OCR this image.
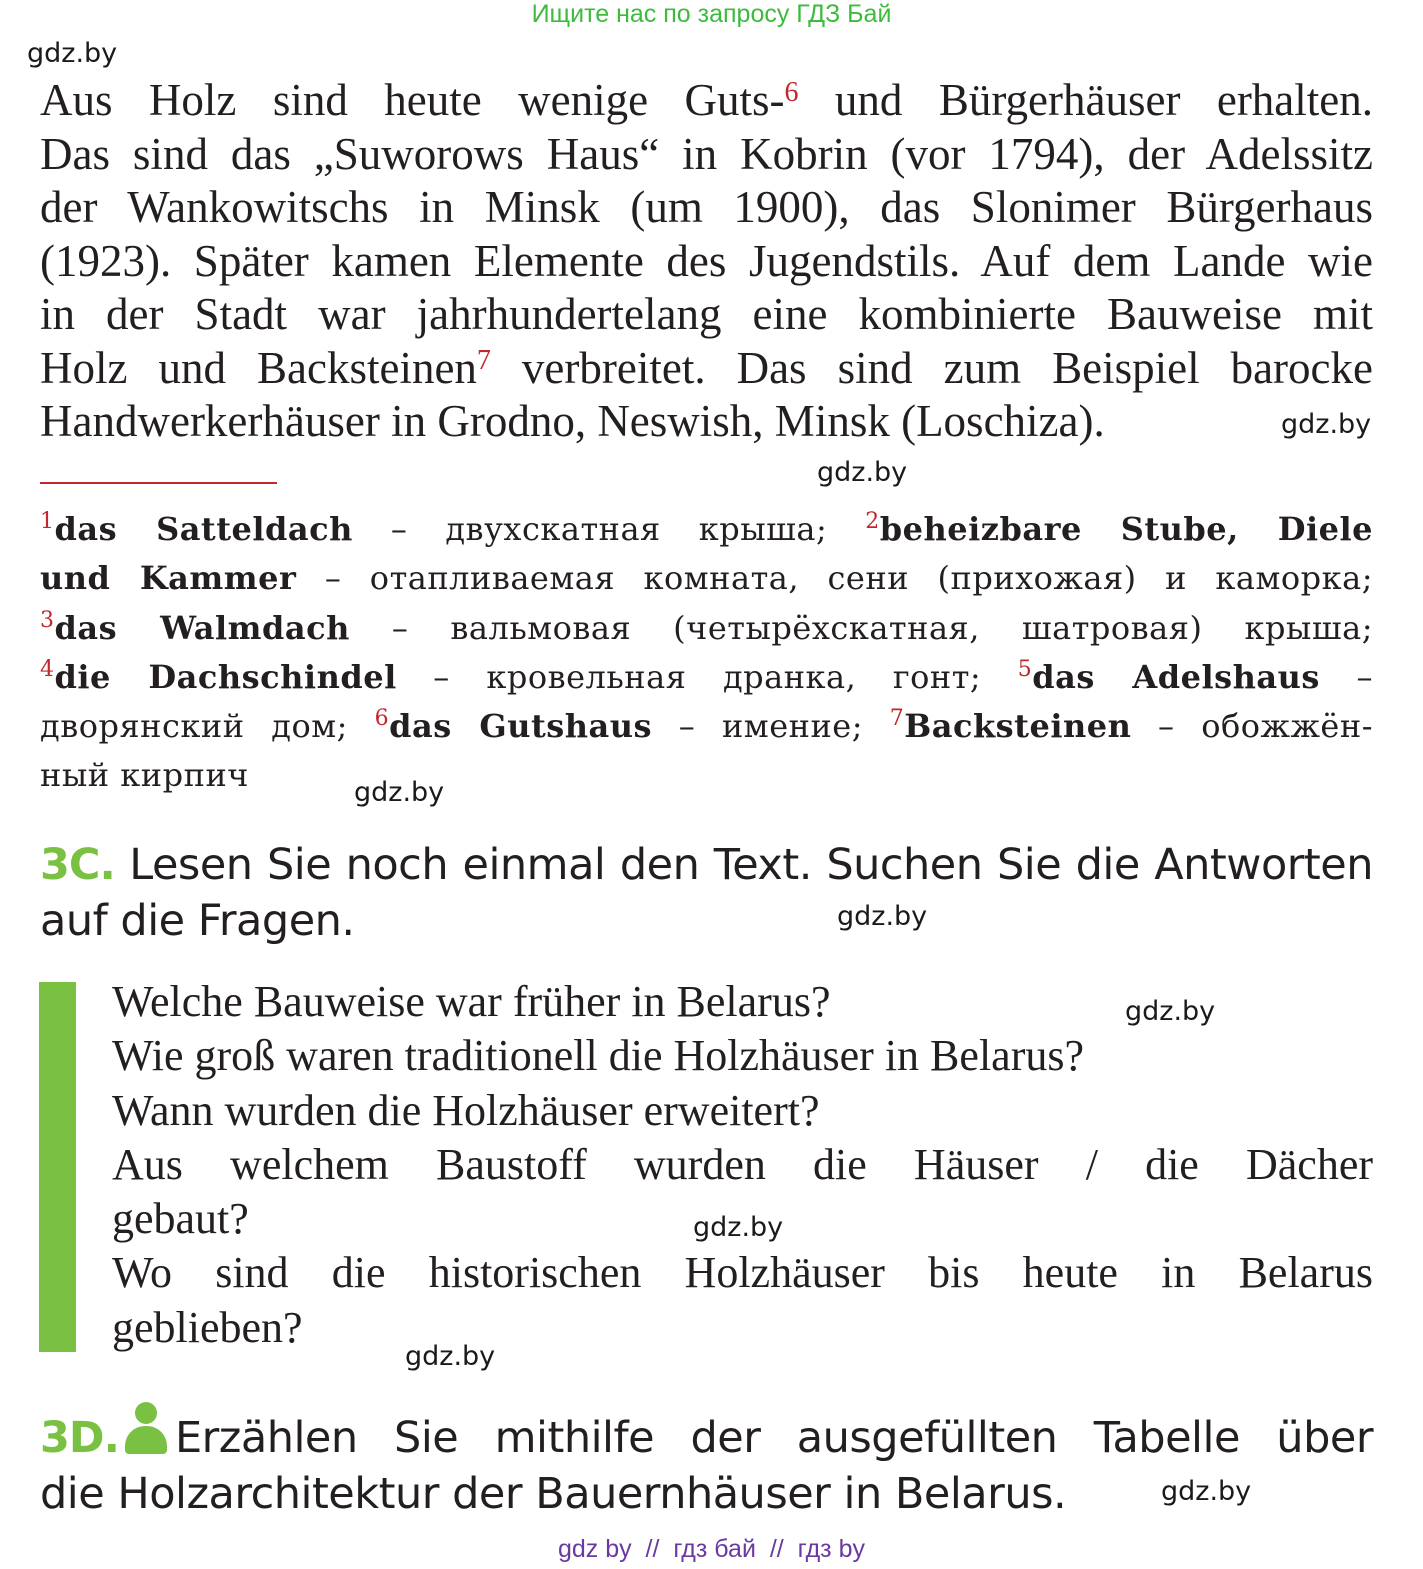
Ищите нас по запросу ГДЗ Бай
gdz.by
Aus Holz sind heute wenige Guts-$^6$ und Bürgerhäuser erhalten.
Das sind das „Suworows Haus“ in Kobrin (vor 1794), der Adelssitz
der Wankowitschs in Minsk (um 1900), das Slonimer Bürgerhaus
(1923). Später kamen Elemente des Jugendstils. Auf dem Lande wie
in der Stadt war jahrhundertelang eine kombinierte Bauweise mit
Holz und Backsteinen$^7$ verbreitet. Das sind zum Beispiel barocke
Handwerkerhäuser in Grodno, Neswish, Minsk (Loschiza).	gdz.by
gdz.by
$^1$das Satteldach – двухскатная крыша; $^2$beheizbare Stube, Diele
und Kammer – отапливаемая комната, сени (прихожая) и каморка;
$^3$das Walmdach – вальмовая (четырёхскатная, шатровая) крыша;
$^4$die Dachschindel – кровельная дранка, гонт; $^5$das Adelshaus –
дворянский дом; $^6$das Gutshaus – имение; $^7$Backsteinen – обожжён-
ный кирпич	gdz.by
3C. Lesen Sie noch einmal den Text. Suchen Sie die Antworten
auf die Fragen.	gdz.by
Welche Bauweise war früher in Belarus?
Wie groß waren traditionell die Holzhäuser in Belarus?
Wann wurden die Holzhäuser erweitert?
Aus welchem Baustoff wurden die Häuser / die Dächer
gebaut?
Wo sind die historischen Holzhäuser bis heute in Belarus
geblieben?
gdz.by
gdz.by
gdz.by
3D. Erzählen Sie mithilfe der ausgefüllten Tabelle über
die Holzarchitektur der Bauernhäuser in Belarus.	gdz.by
gdz by  //  гдз бай  //  гдз by
